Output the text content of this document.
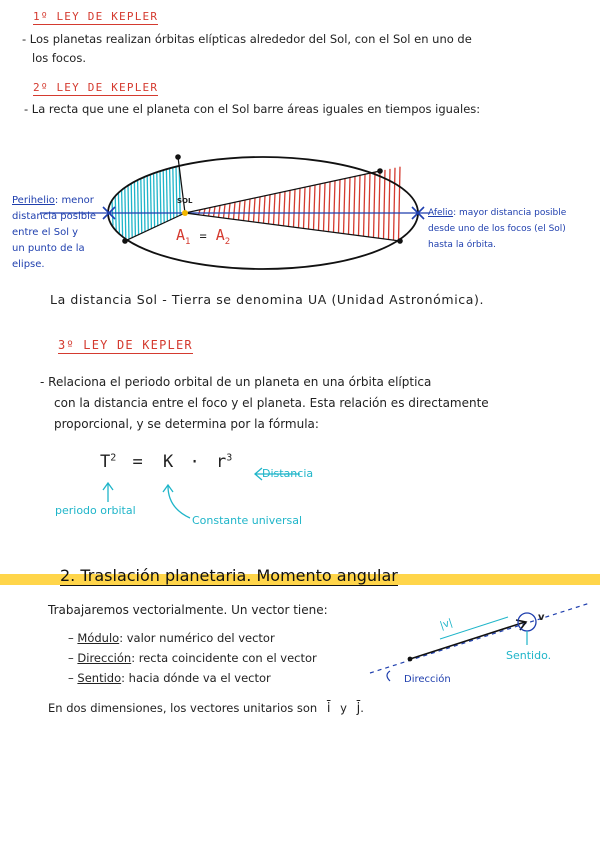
1º LEY DE KEPLER
- Los planetas realizan órbitas elípticas alrededor del Sol, con el Sol en uno de
los focos.
2º LEY DE KEPLER
- La recta que une el planeta con el Sol barre áreas iguales en tiempos iguales:
SOL
$A_1 = A_2$
Perihelio: menor
distancia posible
entre el Sol y
un punto de la
elipse.
Afelio: mayor distancia posible
desde uno de los focos (el Sol)
hasta la órbita.
La distancia Sol - Tierra se denomina UA (Unidad Astronómica).
3º LEY DE KEPLER
- Relaciona el periodo orbital de un planeta en una órbita elíptica
con la distancia entre el foco y el planeta. Esta relación es directamente
proporcional, y se determina por la fórmula:
$T^2 = K \cdot r^3$
Distancia
periodo orbital
Constante universal
2. Traslación planetaria. Momento angular
Trabajaremos vectorialmente. Un vector tiene:
– Módulo: valor numérico del vector
– Dirección: recta coincidente con el vector
– Sentido: hacia dónde va el vector
|v|	v
Sentido.
Dirección
En dos dimensiones, los vectores unitarios son $\overline{i}$ y $\overline{j}$.
